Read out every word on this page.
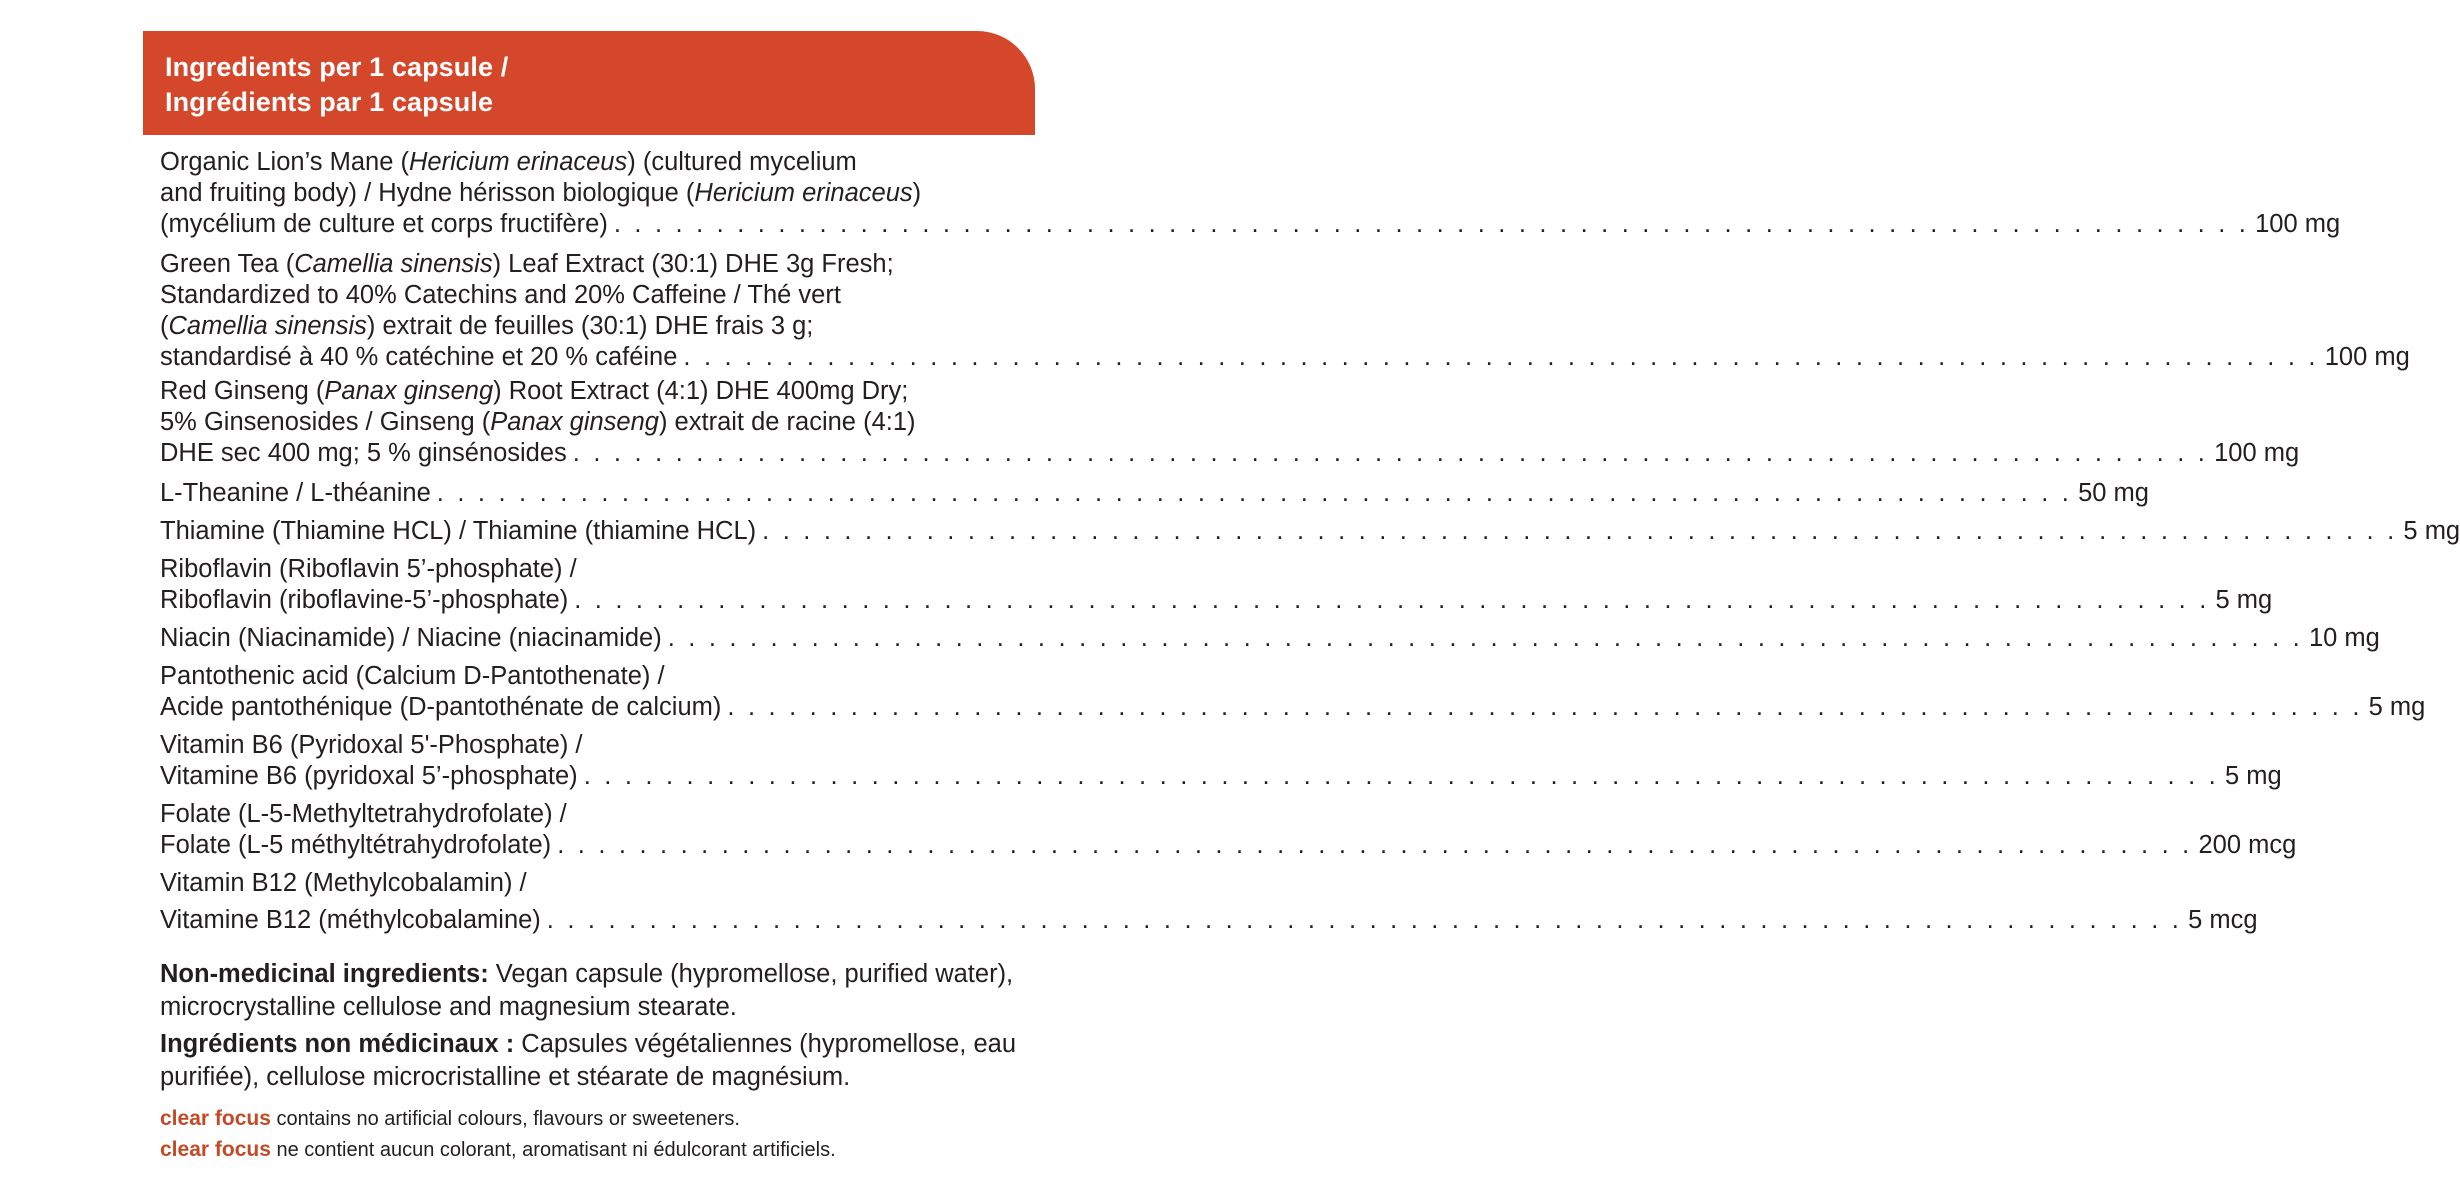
Ingredients per 1 capsule /
Ingrédients par 1 capsule
Organic Lion’s Mane (Hericium erinaceus) (cultured mycelium
and fruiting body) / Hydne hérisson biologique (Hericium erinaceus)
(mycélium de culture et corps fructifère) . . . . . . . . . . . . . . . . . . . . . . . . . . . . . . . . . . . . . . . . . . . . . . . . . . . . . . . . . . . . . . . . . . . . . . . . . . . . . . . . 100 mg
Green Tea (Camellia sinensis) Leaf Extract (30:1) DHE 3g Fresh;
Standardized to 40% Catechins and 20% Caffeine / Thé vert
(Camellia sinensis) extrait de feuilles (30:1) DHE frais 3 g;
standardisé à 40 % catéchine et 20 % caféine . . . . . . . . . . . . . . . . . . . . . . . . . . . . . . . . . . . . . . . . . . . . . . . . . . . . . . . . . . . . . . . . . . . . . . . . . . . . . . . . 100 mg
Red Ginseng (Panax ginseng) Root Extract (4:1) DHE 400mg Dry;
5% Ginsenosides / Ginseng (Panax ginseng) extrait de racine (4:1)
DHE sec 400 mg; 5 % ginsénosides . . . . . . . . . . . . . . . . . . . . . . . . . . . . . . . . . . . . . . . . . . . . . . . . . . . . . . . . . . . . . . . . . . . . . . . . . . . . . . . . 100 mg
L-Theanine / L-théanine . . . . . . . . . . . . . . . . . . . . . . . . . . . . . . . . . . . . . . . . . . . . . . . . . . . . . . . . . . . . . . . . . . . . . . . . . . . . . . . . 50 mg
Thiamine (Thiamine HCL) / Thiamine (thiamine HCL) . . . . . . . . . . . . . . . . . . . . . . . . . . . . . . . . . . . . . . . . . . . . . . . . . . . . . . . . . . . . . . . . . . . . . . . . . . . . . . . . 5 mg
Riboflavin (Riboflavin 5’-phosphate) /
Riboflavin (riboflavine-5’-phosphate) . . . . . . . . . . . . . . . . . . . . . . . . . . . . . . . . . . . . . . . . . . . . . . . . . . . . . . . . . . . . . . . . . . . . . . . . . . . . . . . . 5 mg
Niacin (Niacinamide) / Niacine (niacinamide) . . . . . . . . . . . . . . . . . . . . . . . . . . . . . . . . . . . . . . . . . . . . . . . . . . . . . . . . . . . . . . . . . . . . . . . . . . . . . . . . 10 mg
Pantothenic acid (Calcium D-Pantothenate) /
Acide pantothénique (D-pantothénate de calcium) . . . . . . . . . . . . . . . . . . . . . . . . . . . . . . . . . . . . . . . . . . . . . . . . . . . . . . . . . . . . . . . . . . . . . . . . . . . . . . . . 5 mg
Vitamin B6 (Pyridoxal 5'-Phosphate) /
Vitamine B6 (pyridoxal 5’-phosphate) . . . . . . . . . . . . . . . . . . . . . . . . . . . . . . . . . . . . . . . . . . . . . . . . . . . . . . . . . . . . . . . . . . . . . . . . . . . . . . . . 5 mg
Folate (L-5-Methyltetrahydrofolate) /
Folate (L-5 méthyltétrahydrofolate) . . . . . . . . . . . . . . . . . . . . . . . . . . . . . . . . . . . . . . . . . . . . . . . . . . . . . . . . . . . . . . . . . . . . . . . . . . . . . . . . 200 mcg
Vitamin B12 (Methylcobalamin) /
Vitamine B12 (méthylcobalamine) . . . . . . . . . . . . . . . . . . . . . . . . . . . . . . . . . . . . . . . . . . . . . . . . . . . . . . . . . . . . . . . . . . . . . . . . . . . . . . . . 5 mcg
Non-medicinal ingredients: Vegan capsule (hypromellose, purified water), microcrystalline cellulose and magnesium stearate.
Ingrédients non médicinaux : Capsules végétaliennes (hypromellose, eau purifiée), cellulose microcristalline et stéarate de magnésium.
clear focus contains no artificial colours, flavours or sweeteners.
clear focus ne contient aucun colorant, aromatisant ni édulcorant artificiels.
